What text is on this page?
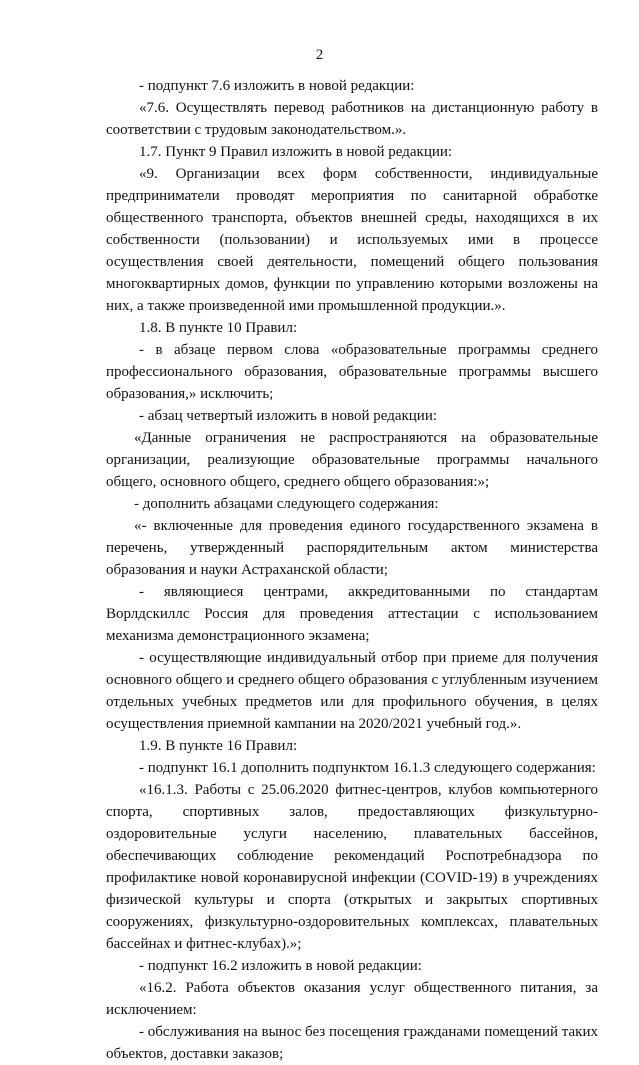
2

- подпункт 7.6 изложить в новой редакции:

«7.6. Осуществлять перевод работников на дистанционную работу в соответствии с трудовым законодательством.».

1.7. Пункт 9 Правил изложить в новой редакции:

«9. Организации всех форм собственности, индивидуальные предприниматели проводят мероприятия по санитарной обработке общественного транспорта, объектов внешней среды, находящихся в их собственности (пользовании) и используемых ими в процессе осуществления своей деятельности, помещений общего пользования многоквартирных домов, функции по управлению которыми возложены на них, а также произведенной ими промышленной продукции.».

1.8. В пункте 10 Правил:

- в абзаце первом слова «образовательные программы среднего профессионального образования, образовательные программы высшего образования,» исключить;

- абзац четвертый изложить в новой редакции:

«Данные ограничения не распространяются на образовательные организации, реализующие образовательные программы начального общего, основного общего, среднего общего образования:»;

- дополнить абзацами следующего содержания:

«- включенные для проведения единого государственного экзамена в перечень, утвержденный распорядительным актом министерства образования и науки Астраханской области;

- являющиеся центрами, аккредитованными по стандартам Ворлдскиллс Россия для проведения аттестации с использованием механизма демонстрационного экзамена;

- осуществляющие индивидуальный отбор при приеме для получения основного общего и среднего общего образования с углубленным изучением отдельных учебных предметов или для профильного обучения, в целях осуществления приемной кампании на 2020/2021 учебный год.».

1.9. В пункте 16 Правил:

- подпункт 16.1 дополнить подпунктом 16.1.3 следующего содержания:

«16.1.3. Работы с 25.06.2020 фитнес-центров, клубов компьютерного спорта, спортивных залов, предоставляющих физкультурно-оздоровительные услуги населению, плавательных бассейнов, обеспечивающих соблюдение рекомендаций Роспотребнадзора по профилактике новой коронавирусной инфекции (COVID-19) в учреждениях физической культуры и спорта (открытых и закрытых спортивных сооружениях, физкультурно-оздоровительных комплексах, плавательных бассейнах и фитнес-клубах).»;

- подпункт 16.2 изложить в новой редакции:

«16.2. Работа объектов оказания услуг общественного питания, за исключением:

- обслуживания на вынос без посещения гражданами помещений таких объектов, доставки заказов;
